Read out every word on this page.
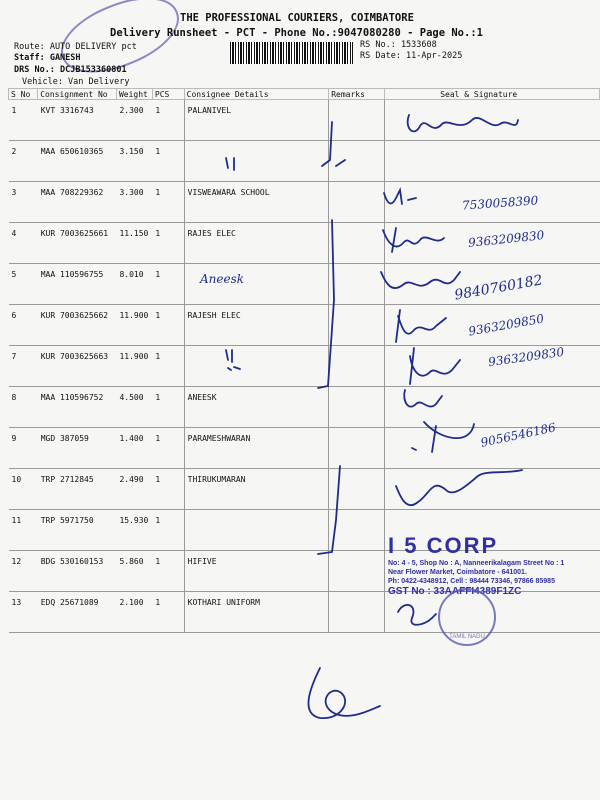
THE PROFESSIONAL COURIERS, COIMBATORE
Delivery Runsheet - PCT - Phone No.:9047080280 - Page No.:1
Route: AUTO DELIVERY pct
Staff: GANESH
DRS No.: DCJB153360801
Vehicle: Van Delivery
RS No.: 1533608
RS Date: 11-Apr-2025
S No	Consignment No	Weight	PCS	Consignee Details	Remarks	Seal & Signature
1	KVT 3316743	2.300	1	PALANIVEL		
2	MAA 650610365	3.150	1			
3	MAA 708229362	3.300	1	VISWEAWARA SCHOOL		
4	KUR 7003625661	11.150	1	RAJES ELEC		
5	MAA 110596755	8.010	1			
6	KUR 7003625662	11.900	1	RAJESH ELEC		
7	KUR 7003625663	11.900	1			
8	MAA 110596752	4.500	1	ANEESK		
9	MGD 387059	1.400	1	PARAMESHWARAN		
10	TRP 2712845	2.490	1	THIRUKUMARAN		
11	TRP 5971750	15.930	1			
12	BDG 530160153	5.860	1	HIFIVE		
13	EDQ 25671089	2.100	1	KOTHARI UNIFORM		
7530058390
9363209830
Aneesk	9840760182
9363209850
9363209830
9056546186
I 5 CORP
No: 4 - 5, Shop No : A, Nanneerikalagam Street No : 1
Near Flower Market, Coimbatore - 641001.
Ph: 0422-4348912, Cell : 98444 73346, 97866 85985
GST No : 33AAFFI4389F1ZC
TAMIL NADU
